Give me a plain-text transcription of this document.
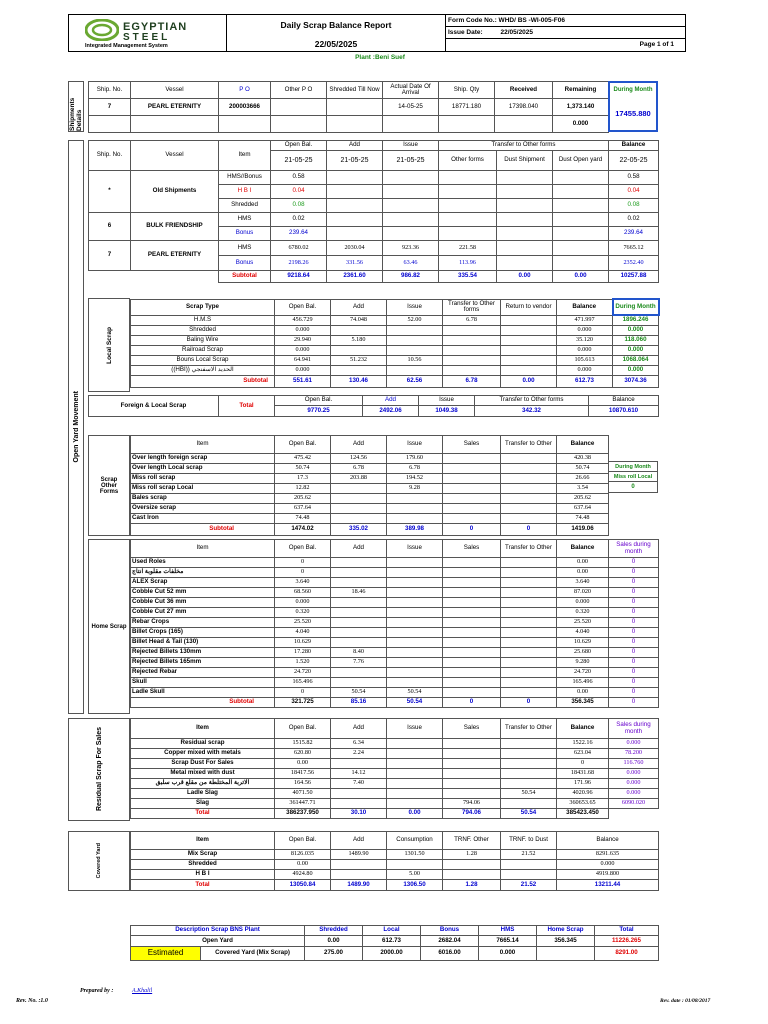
EGYPTIAN
STEEL
Integrated Management System
Daily Scrap Balance Report
22/05/2025
Form Code No.: WHD/ BS -WI-005-F06
Issue Date:	22/05/2025
Page 1 of 1
Plant :Beni Suef
Shipments Details
Ship. No.	Vessel	P O	Other P O	Shredded Till Now	Actual Date Of Arrival	Ship. Qty	Received	Remaining
7	PEARL ETERNITY	200003666			14-05-25	18771.180	17398.040	1,373.140
								0.000
During Month
17455.880
Open Yard Movement
Ship. No.	Vessel	Item	Open Bal.	Add	Issue	Transfer to Other forms			Balance
			21-05-25	21-05-25	21-05-25	Other forms	Dust Shipment	Dust Open yard	22-05-25
*	Old Shipments	HMS//Bonus	0.58						0.58
		H B I	0.04						0.04
		Shredded	0.08						0.08
6	BULK FRIENDSHIP	HMS	0.02						0.02
		Bonus	239.64						239.64
7	PEARL ETERNITY	HMS	6780.02	2030.04	923.36	221.58			7665.12
		Bonus	2198.26	331.56	63.46	113.96			2352.40
		Subtotal	9218.64	2361.60	986.82	335.54	0.00	0.00	10257.88
Local Scrap
Scrap Type	Open Bal.	Add	Issue	Transfer to Other forms	Return to vendor	Balance	During Month
H.M.S	456.729	74.048	52.00	6.78		471.997	1896.246
Shredded	0.000					0.000	0.000
Baling Wire	29.940	5.180				35.120	118.060
Railroad Scrap	0.000					0.000	0.000
Bouns Local Scrap	64.941	51.232	10.56			105.613	1068.064
((HBI)) الحديد الاسفنجي	0.000					0.000	0.000
Subtotal	551.61	130.46	62.56	6.78	0.00	612.73	3074.36
Foreign & Local Scrap	Total	Open Bal.	Add	Issue	Transfer to Other forms	Balance
		9770.25	2492.06	1049.38	342.32	10870.610
Scrap Other Forms
Item	Open Bal.	Add	Issue	Sales	Transfer to Other	Balance
Over length foreign scrap	475.42	124.56	179.60			420.38
Over length Local scrap	50.74	6.78	6.78			50.74
Miss roll scrap	17.3	203.88	194.52			26.66
Miss roll scrap Local	12.82		9.28			3.54
Bales scrap	205.62					205.62
Oversize scrap	637.64					637.64
Cast Iron	74.48					74.48
Subtotal	1474.02	335.02	389.98	0	0	1419.06
During Month
Miss roll Local
0
Home Scrap
Item	Open Bal.	Add	Issue	Sales	Transfer to Other	Balance	Sales during month
Used Roles	0					0.00	0
مخلفات مقلوبة انتاج	0					0.00	0
ALEX Scrap	3.640					3.640	0
Cobble Cut 52 mm	68.560	18.46				87.020	0
Cobble Cut 36 mm	0.000					0.000	0
Cobble Cut 27 mm	0.320					0.320	0
Rebar Crops	25.520					25.520	0
Billet Crops (165)	4.040					4.040	0
Billet Head & Tail (130)	10.629					10.629	0
Rejected Billets 130mm	17.280	8.40				25.680	0
Rejected Billets 165mm	1.520	7.76				9.280	0
Rejected Rebar	24.720					24.720	0
Skull	165.496					165.496	0
Ladle Skull	0	50.54	50.54			0.00	0
Subtotal	321.725	85.16	50.54	0	0	356.345	0
Residual Scrap For Sales	Item	Open Bal.	Add	Issue	Sales	Transfer to Other	Balance	Sales during month
Residual scrap	1515.82	6.34				1522.16	0.000
Copper mixed with metals	620.80	2.24				623.04	78.200
Scrap Dust For Sales	0.00					0	116.760
Metal mixed with dust	18417.56	14.12				18431.68	0.000
الاتربة المختلطة من مقلع قرب سلبق	164.56	7.40				171.96	0.000
Ladle Slag	4071.50				50.54	4020.96	0.000
Slag	361447.71			794.06		360653.65	6090.020
Total	386237.950	30.10	0.00	794.06	50.54	385423.450	
Covered Yard
Item	Open Bal.	Add	Consumption	TRNF. Other	TRNF. to Dust	Balance
Mix Scrap	8126.035	1489.90	1301.50	1.28	21.52	8291.635
Shredded	0.00					0.000
H B I	4924.80		5.00			4919.800
Total	13050.84	1489.90	1306.50	1.28	21.52	13211.44
Description Scrap BNS Plant		Shredded	Local	Bonus	HMS	Home Scrap	Total
Open Yard		0.00	612.73	2682.04	7665.14	356.345	11226.265
Estimated	Covered Yard (Mix Scrap)	275.00	2000.00	6016.00	0.000		8291.00
Prepared by :	A.Khalil
Rev. No. :1.0	Rev. date : 01/08/2017
